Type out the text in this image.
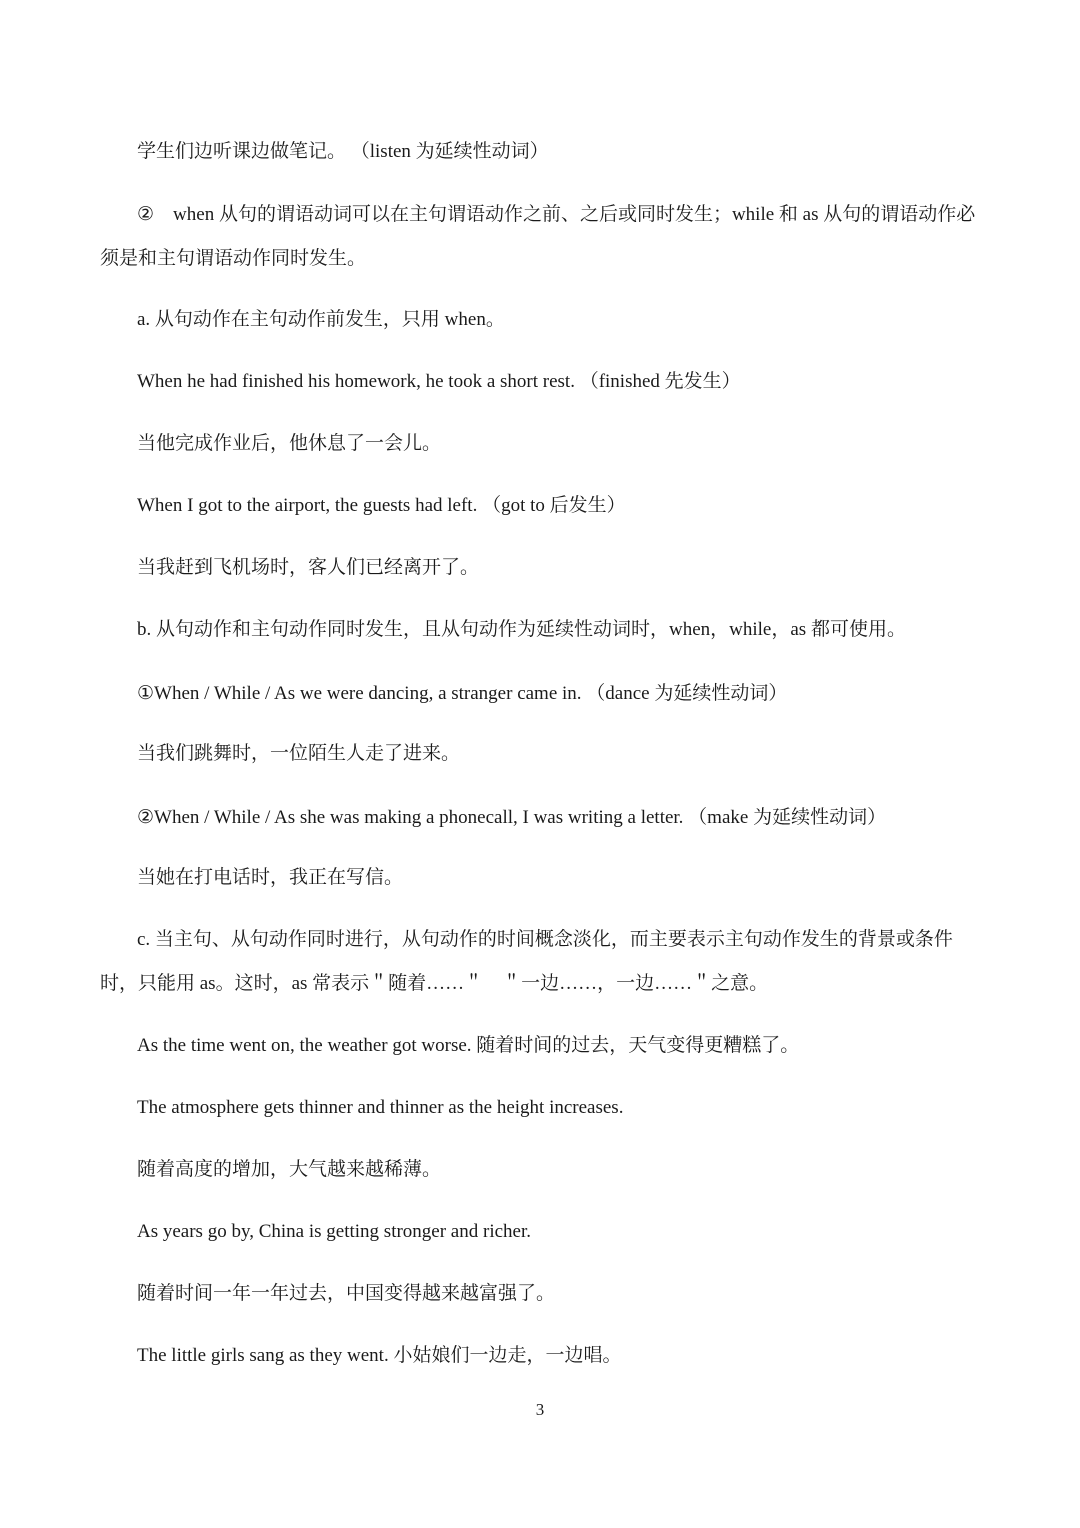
学生们边听课边做笔记。 （listen 为延续性动词）
②　when 从句的谓语动词可以在主句谓语动作之前、之后或同时发生；while 和 as 从句的谓语动作必须是和主句谓语动作同时发生。
a. 从句动作在主句动作前发生，只用 when。
When he had finished his homework, he took a short rest. （finished 先发生）
当他完成作业后，他休息了一会儿。
When I got to the airport, the guests had left. （got to 后发生）
当我赶到飞机场时，客人们已经离开了。
b. 从句动作和主句动作同时发生，且从句动作为延续性动词时，when，while，as 都可使用。
①When / While / As we were dancing, a stranger came in. （dance 为延续性动词）
当我们跳舞时，一位陌生人走了进来。
②When / While / As she was making a phonecall, I was writing a letter. （make 为延续性动词）
当她在打电话时，我正在写信。
c. 当主句、从句动作同时进行，从句动作的时间概念淡化，而主要表示主句动作发生的背景或条件时，只能用 as。这时，as 常表示＂随着……＂　＂一边……，一边……＂之意。
As the time went on, the weather got worse. 随着时间的过去，天气变得更糟糕了。
The atmosphere gets thinner and thinner as the height increases.
随着高度的增加，大气越来越稀薄。
As years go by, China is getting stronger and richer.
随着时间一年一年过去，中国变得越来越富强了。
The little girls sang as they went. 小姑娘们一边走，一边唱。
3
